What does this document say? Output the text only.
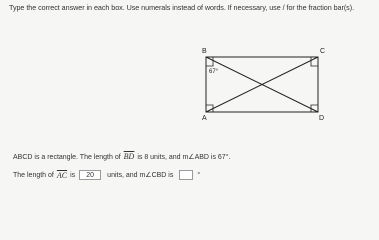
Type the correct answer in each box. Use numerals instead of words. If necessary, use / for the fraction bar(s).
B	C
A	D
67°
ABCD is a rectangle. The length of $\overline{BD}$ is 8 units, and m∠ABD is 67°.
The length of $\overline{AC}$ is	20	units, and m∠CBD is	°
